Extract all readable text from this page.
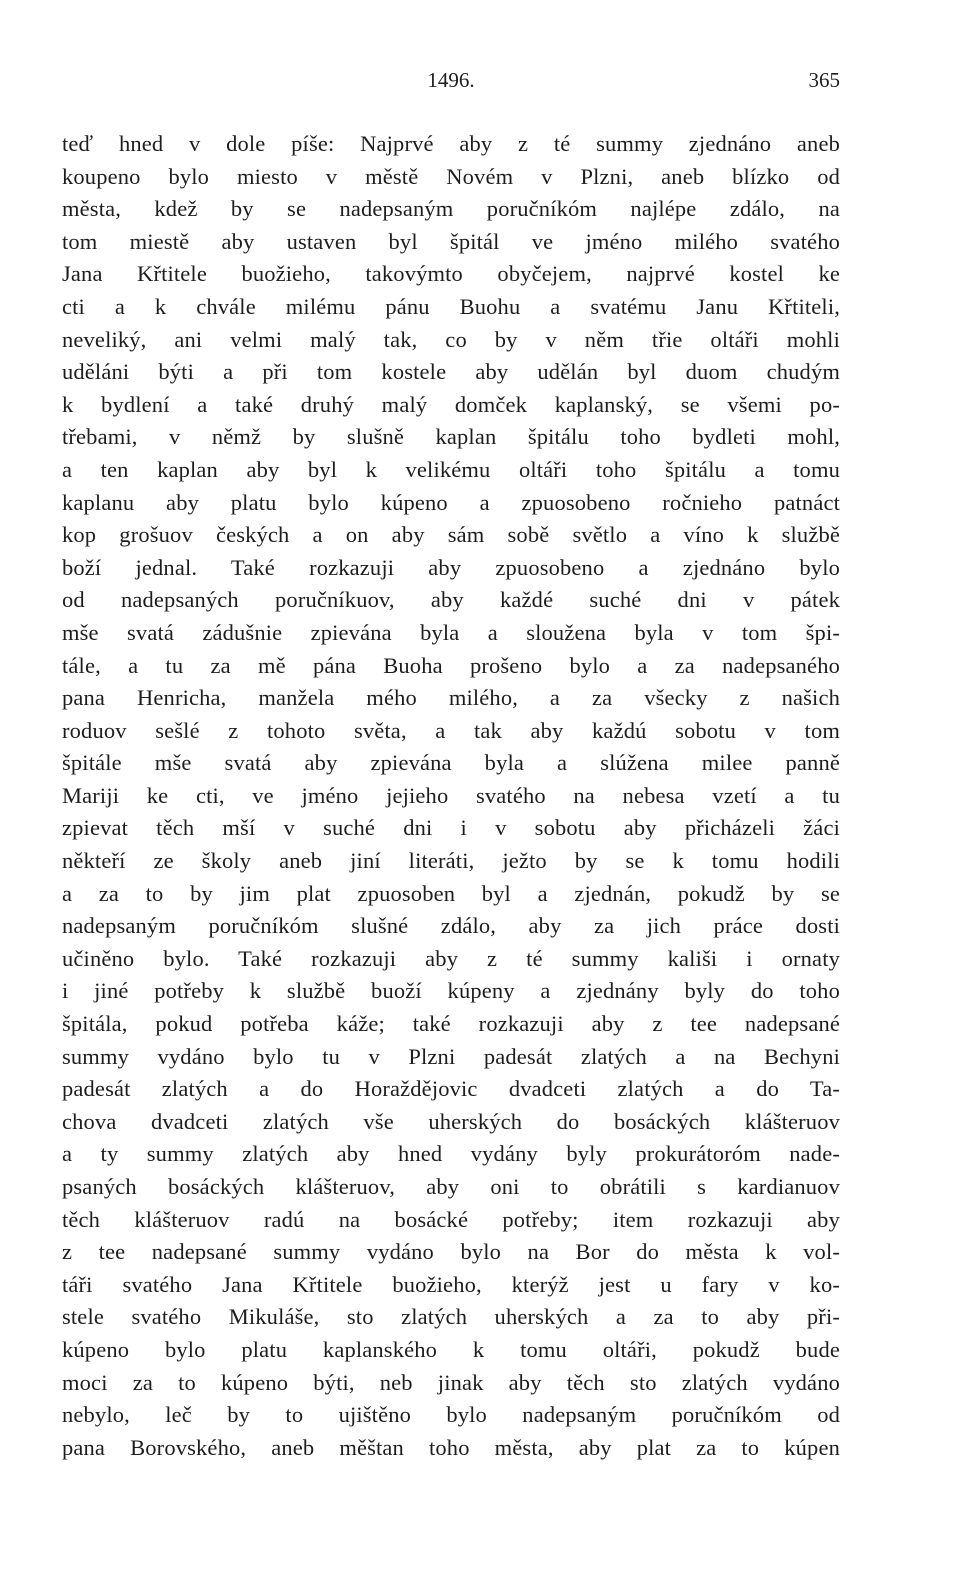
1496.	365
teď hned v dole píše: Najprvé aby z té summy zjednáno aneb
koupeno bylo miesto v městě Novém v Plzni, aneb blízko od
města, kdež by se nadepsaným poručníkóm najlépe zdálo, na
tom miestě aby ustaven byl špitál ve jméno milého svatého
Jana Křtitele buožieho, takovýmto obyčejem, najprvé kostel ke
cti a k chvále milému pánu Buohu a svatému Janu Křtiteli,
neveliký, ani velmi malý tak, co by v něm třie oltáři mohli
uděláni býti a při tom kostele aby udělán byl duom chudým
k bydlení a také druhý malý domček kaplanský, se všemi po-
třebami, v němž by slušně kaplan špitálu toho bydleti mohl,
a ten kaplan aby byl k velikému oltáři toho špitálu a tomu
kaplanu aby platu bylo kúpeno a zpuosobeno ročnieho patnáct
kop grošuov českých a on aby sám sobě světlo a víno k službě
boží jednal. Také rozkazuji aby zpuosobeno a zjednáno bylo
od nadepsaných poručníkuov, aby každé suché dni v pátek
mše svatá zádušnie zpievána byla a sloužena byla v tom špi-
tále, a tu za mě pána Buoha prošeno bylo a za nadepsaného
pana Henricha, manžela mého milého, a za všecky z našich
roduov sešlé z tohoto světa, a tak aby každú sobotu v tom
špitále mše svatá aby zpievána byla a slúžena milee panně
Mariji ke cti, ve jméno jejieho svatého na nebesa vzetí a tu
zpievat těch mší v suché dni i v sobotu aby přicházeli žáci
někteří ze školy aneb jiní literáti, ježto by se k tomu hodili
a za to by jim plat zpuosoben byl a zjednán, pokudž by se
nadepsaným poručníkóm slušné zdálo, aby za jich práce dosti
učiněno bylo. Také rozkazuji aby z té summy kališi i ornaty
i jiné potřeby k službě buoží kúpeny a zjednány byly do toho
špitála, pokud potřeba káže; také rozkazuji aby z tee nadepsané
summy vydáno bylo tu v Plzni padesát zlatých a na Bechyni
padesát zlatých a do Horaždějovic dvadceti zlatých a do Ta-
chova dvadceti zlatých vše uherských do bosáckých klášteruov
a ty summy zlatých aby hned vydány byly prokurátoróm nade-
psaných bosáckých klášteruov, aby oni to obrátili s kardianuov
těch klášteruov radú na bosácké potřeby; item rozkazuji aby
z tee nadepsané summy vydáno bylo na Bor do města k vol-
táři svatého Jana Křtitele buožieho, kterýž jest u fary v ko-
stele svatého Mikuláše, sto zlatých uherských a za to aby při-
kúpeno bylo platu kaplanského k tomu oltáři, pokudž bude
moci za to kúpeno býti, neb jinak aby těch sto zlatých vydáno
nebylo, leč by to ujištěno bylo nadepsaným poručníkóm od
pana Borovského, aneb měštan toho města, aby plat za to kúpen
